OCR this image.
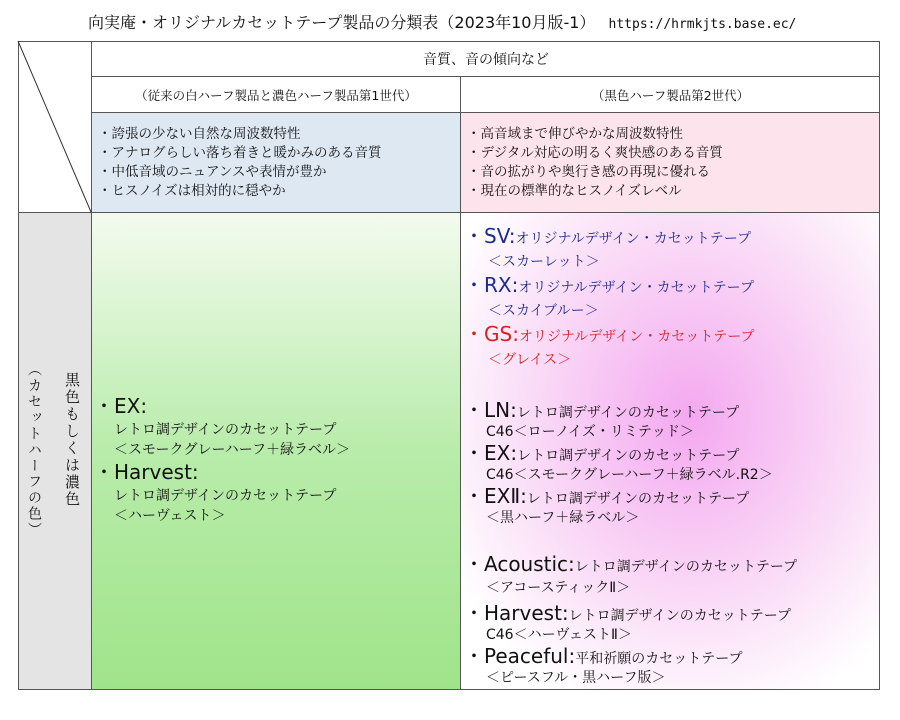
向実庵・オリジナルカセットテープ製品の分類表（2023年10月版-1） https://hrmkjts.base.ec/
音質、音の傾向など
（従来の白ハーフ製品と濃色ハーフ製品第1世代）	（黒色ハーフ製品第2世代）
・誇張の少ない自然な周波数特性
・アナログらしい落ち着きと暖かみのある音質
・中低音域のニュアンスや表情が豊か
・ヒスノイズは相対的に穏やか
・高音域まで伸びやかな周波数特性
・デジタル対応の明るく爽快感のある音質
・音の拡がりや奥行き感の再現に優れる
・現在の標準的なヒスノイズレベル
黒色もしくは濃色
（カセットハーフの色）	・EX:
レトロ調デザインのカセットテープ
＜スモークグレーハーフ＋緑ラベル＞
・Harvest:
レトロ調デザインのカセットテープ
＜ハーヴェスト＞
・SV:オリジナルデザイン・カセットテープ
＜スカーレット＞
・RX:オリジナルデザイン・カセットテープ
＜スカイブルー＞
・GS:オリジナルデザイン・カセットテープ
＜グレイス＞
・LN:レトロ調デザインのカセットテープ
C46＜ローノイズ・リミテッド＞
・EX:レトロ調デザインのカセットテープ
C46＜スモークグレーハーフ＋緑ラベル.R2＞
・EXⅡ:レトロ調デザインのカセットテープ
＜黒ハーフ＋緑ラベル＞
・Acoustic:レトロ調デザインのカセットテープ
＜アコースティックⅡ＞
・Harvest:レトロ調デザインのカセットテープ
C46＜ハーヴェストⅡ＞
・Peaceful:平和祈願のカセットテープ
＜ピースフル・黒ハーフ版＞
